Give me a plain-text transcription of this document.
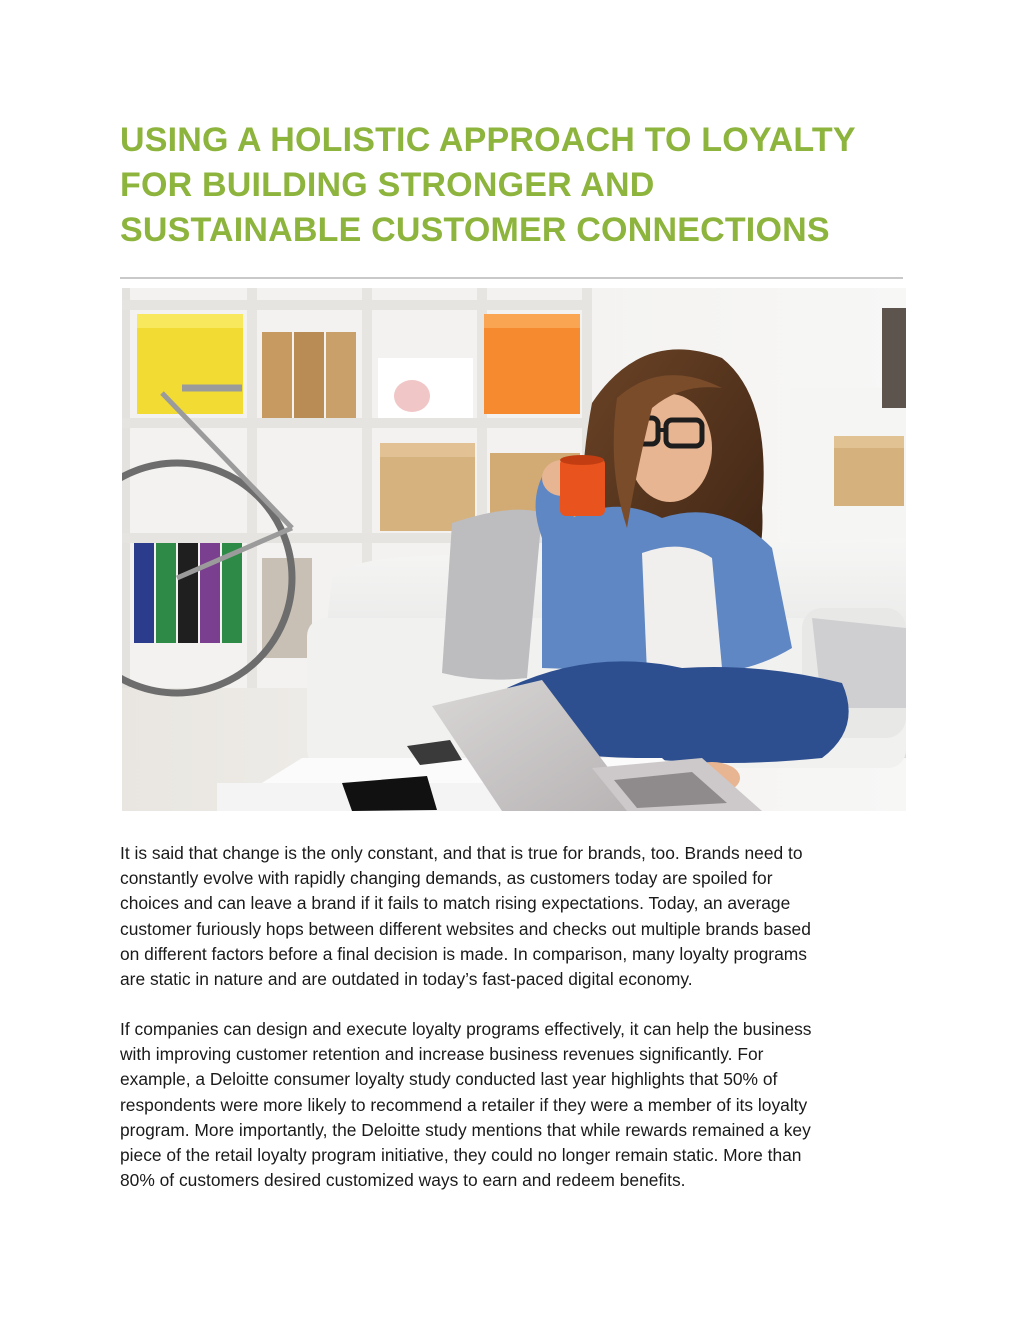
USING A HOLISTIC APPROACH TO LOYALTY
FOR BUILDING STRONGER AND
SUSTAINABLE CUSTOMER CONNECTIONS

It is said that change is the only constant, and that is true for brands, too. Brands need to
constantly evolve with rapidly changing demands, as customers today are spoiled for
choices and can leave a brand if it fails to match rising expectations. Today, an average
customer furiously hops between different websites and checks out multiple brands based
on different factors before a final decision is made. In comparison, many loyalty programs
are static in nature and are outdated in today’s fast-paced digital economy.

If companies can design and execute loyalty programs effectively, it can help the business
with improving customer retention and increase business revenues significantly. For
example, a Deloitte consumer loyalty study conducted last year highlights that 50% of
respondents were more likely to recommend a retailer if they were a member of its loyalty
program. More importantly, the Deloitte study mentions that while rewards remained a key
piece of the retail loyalty program initiative, they could no longer remain static. More than
80% of customers desired customized ways to earn and redeem benefits.
